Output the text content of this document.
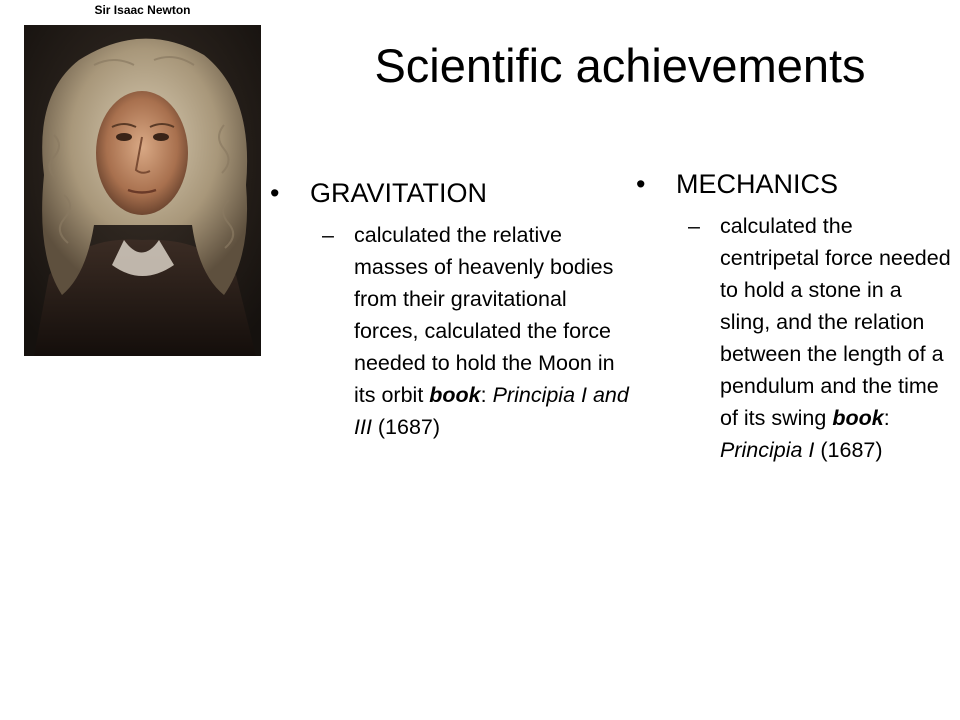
Sir Isaac Newton
Scientific achievements
• GRAVITATION
– calculated the relative masses of heavenly bodies from their gravitational forces, calculated the force needed to hold the Moon in its orbit book: Principia I and III (1687)
• MECHANICS
– calculated the centripetal force needed to hold a stone in a sling, and the relation between the length of a pendulum and the time of its swing book: Principia I (1687)
